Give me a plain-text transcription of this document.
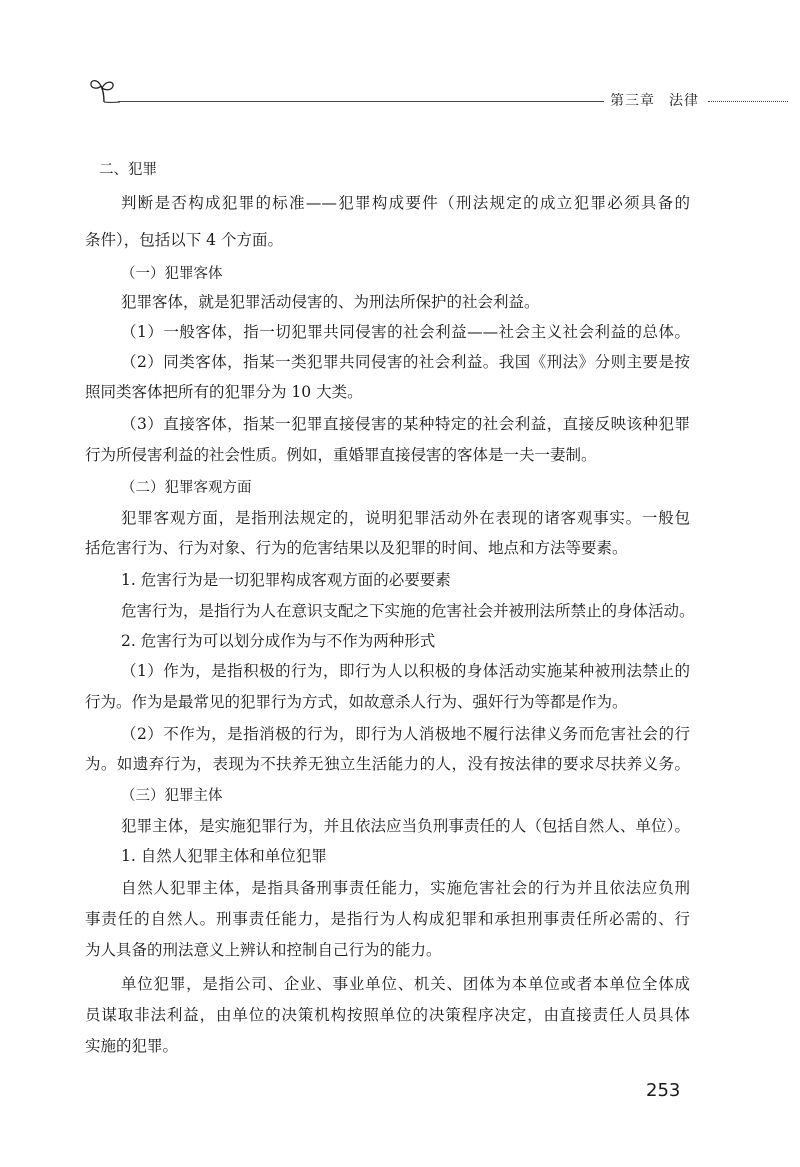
第三章 法律
二、犯罪
判断是否构成犯罪的标准——犯罪构成要件（刑法规定的成立犯罪必须具备的
条件），包括以下 4 个方面。
（一）犯罪客体
犯罪客体，就是犯罪活动侵害的、为刑法所保护的社会利益。
（1）一般客体，指一切犯罪共同侵害的社会利益——社会主义社会利益的总体。
（2）同类客体，指某一类犯罪共同侵害的社会利益。我国《刑法》分则主要是按
照同类客体把所有的犯罪分为 10 大类。
（3）直接客体，指某一犯罪直接侵害的某种特定的社会利益，直接反映该种犯罪
行为所侵害利益的社会性质。例如，重婚罪直接侵害的客体是一夫一妻制。
（二）犯罪客观方面
犯罪客观方面，是指刑法规定的，说明犯罪活动外在表现的诸客观事实。一般包
括危害行为、行为对象、行为的危害结果以及犯罪的时间、地点和方法等要素。
1. 危害行为是一切犯罪构成客观方面的必要要素
危害行为，是指行为人在意识支配之下实施的危害社会并被刑法所禁止的身体活动。
2. 危害行为可以划分成作为与不作为两种形式
（1）作为，是指积极的行为，即行为人以积极的身体活动实施某种被刑法禁止的
行为。作为是最常见的犯罪行为方式，如故意杀人行为、强奸行为等都是作为。
（2）不作为，是指消极的行为，即行为人消极地不履行法律义务而危害社会的行
为。如遗弃行为，表现为不扶养无独立生活能力的人，没有按法律的要求尽扶养义务。
（三）犯罪主体
犯罪主体，是实施犯罪行为，并且依法应当负刑事责任的人（包括自然人、单位）。
1. 自然人犯罪主体和单位犯罪
自然人犯罪主体，是指具备刑事责任能力，实施危害社会的行为并且依法应负刑
事责任的自然人。刑事责任能力，是指行为人构成犯罪和承担刑事责任所必需的、行
为人具备的刑法意义上辨认和控制自己行为的能力。
单位犯罪，是指公司、企业、事业单位、机关、团体为本单位或者本单位全体成
员谋取非法利益，由单位的决策机构按照单位的决策程序决定，由直接责任人员具体
实施的犯罪。
253
